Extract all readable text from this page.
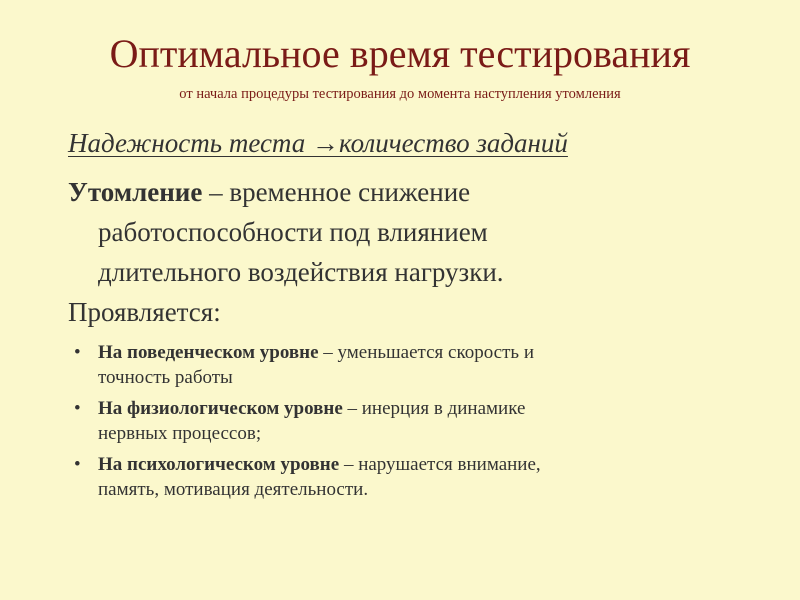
Оптимальное время тестирования
от начала процедуры тестирования до момента наступления утомления
Надежность теста →количество заданий
Утомление – временное снижение
работоспособности под влиянием
длительного воздействия нагрузки.
Проявляется:
• На поведенческом уровне – уменьшается скорость и
точность работы
• На физиологическом уровне – инерция в динамике
нервных процессов;
• На психологическом уровне – нарушается внимание,
память, мотивация деятельности.
